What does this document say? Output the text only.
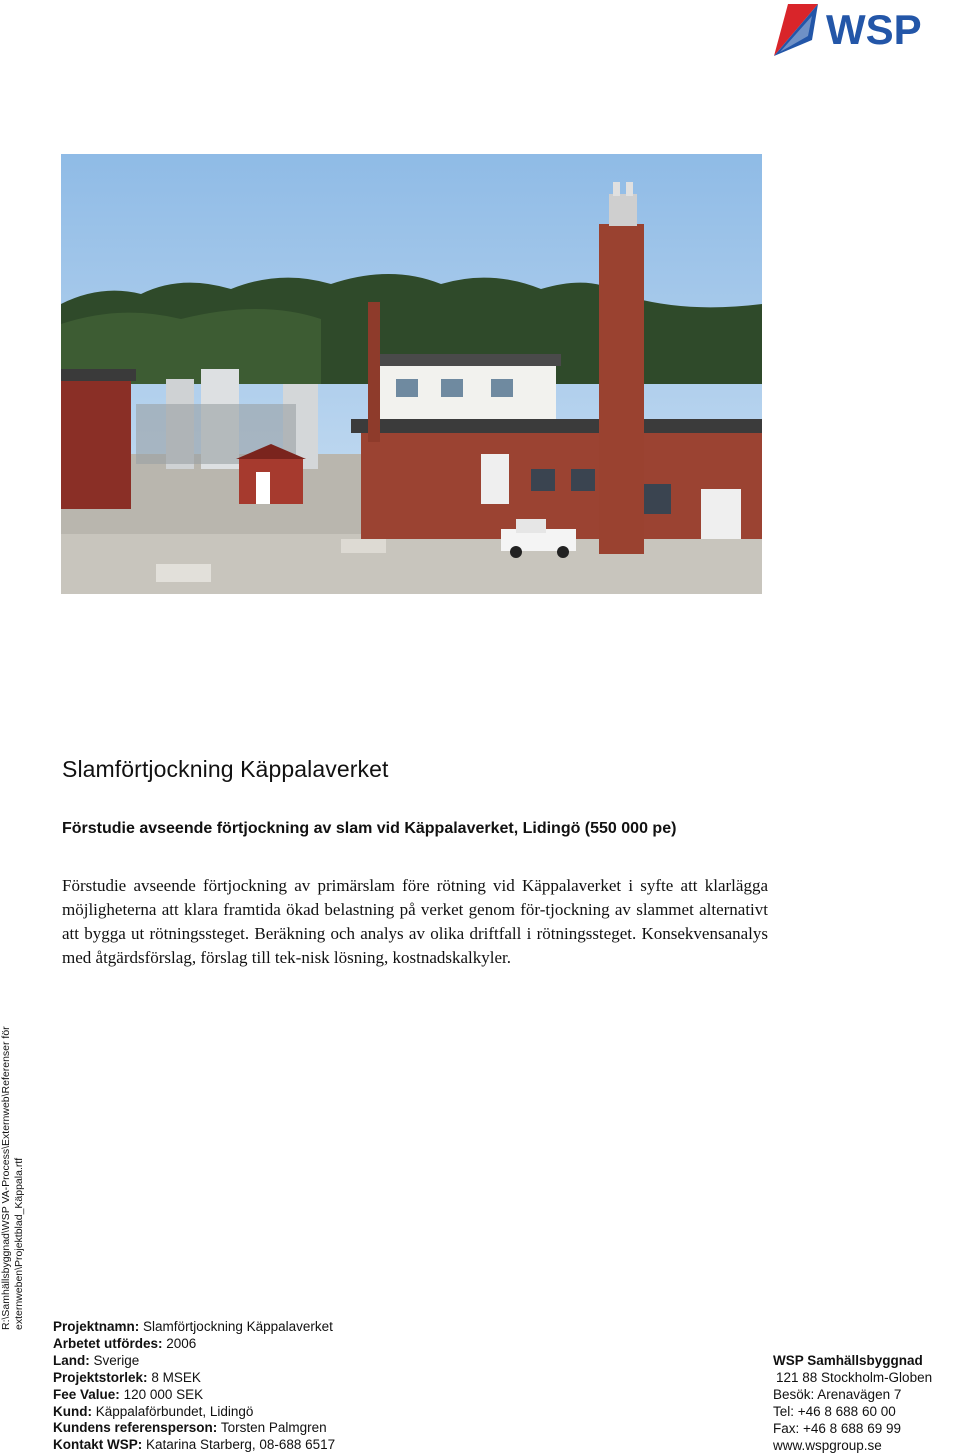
WSP
Slamförtjockning Käppalaverket
Förstudie avseende förtjockning av slam vid Käppalaverket, Lidingö (550 000 pe)

Förstudie avseende förtjockning av primärslam före rötning vid Käppalaverket i syfte att klarlägga möjligheterna att klara framtida ökad belastning på verket genom för-tjockning av slammet alternativt att bygga ut rötningssteget. Beräkning och analys av olika driftfall i rötningssteget. Konsekvensanalys med åtgärdsförslag, förslag till tek-nisk lösning, kostnadskalkyler.

R:\Samhällsbyggnad\WSP VA-Process\Externweb\Referenser för externweben\Projektblad_Käppala.rtf Projektnamn: Slamförtjockning Käppalaverket
Arbetet utfördes: 2006
Land: Sverige
Projektstorlek: 8 MSEK
Fee Value: 120 000 SEK
Kund: Käppalaförbundet, Lidingö
Kundens referensperson: Torsten Palmgren
Kontakt WSP: Katarina Starberg, 08-688 6517
WSP Samhällsbyggnad
121 88 Stockholm-Globen
Besök: Arenavägen 7
Tel: +46 8 688 60 00
Fax: +46 8 688 69 99
www.wspgroup.se
